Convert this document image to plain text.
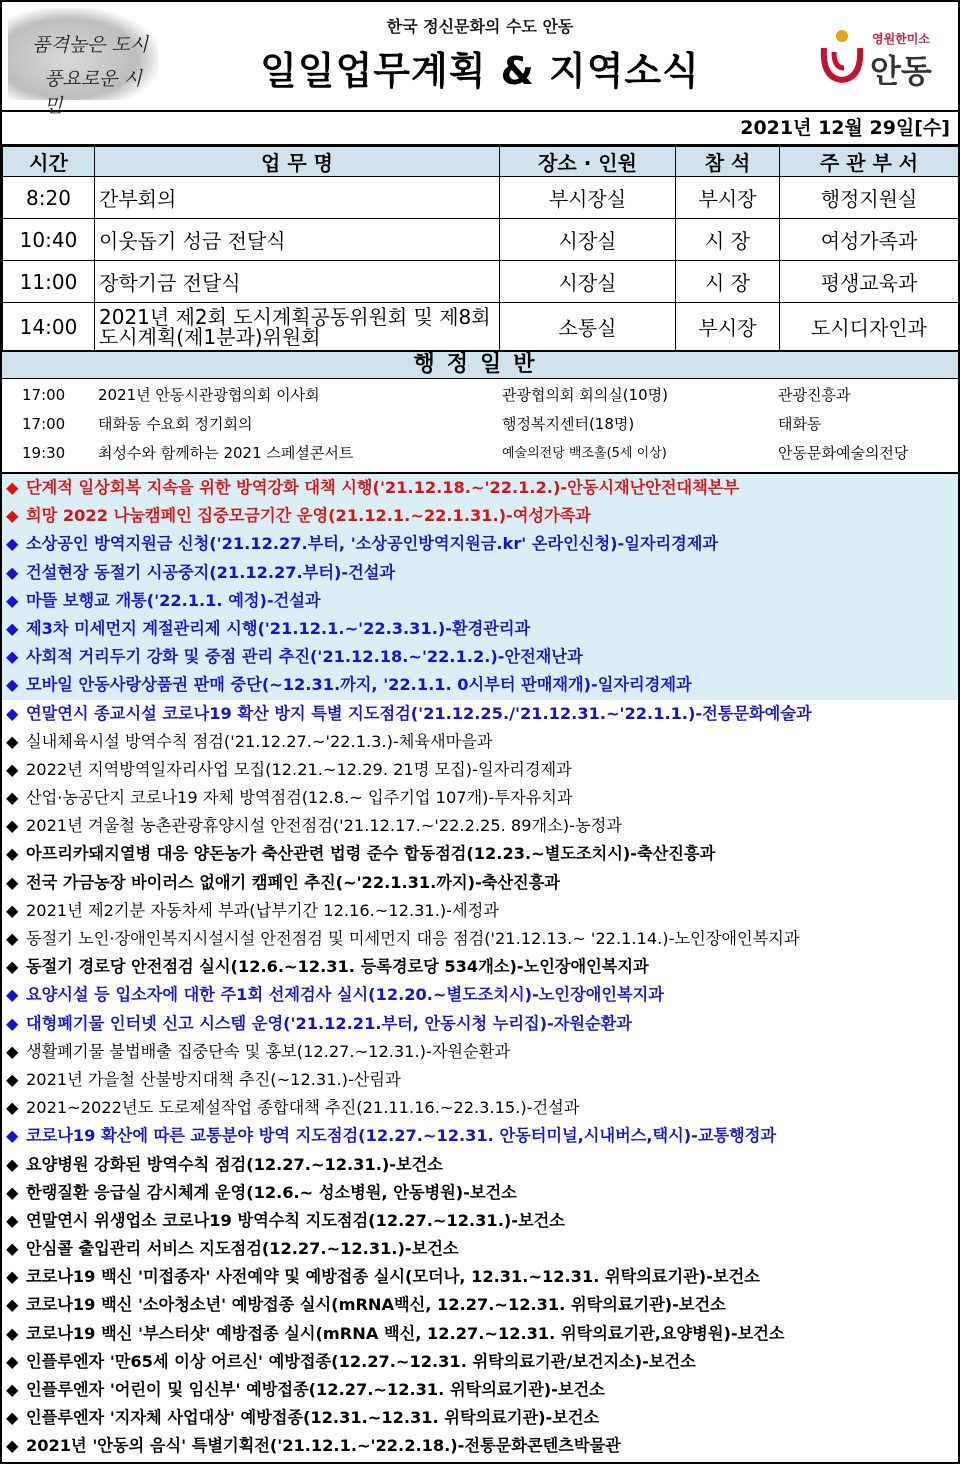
품격높은 도시
풍요로운 시민
한국 정신문화의 수도 안동
일일업무계획 & 지역소식
영원한미소
안동
2021년 12월 29일[수]
시간	업 무 명	장소 · 인원	참 석	주 관 부 서
8:20	간부회의	부시장실	부시장	행정지원실
10:40	이웃돕기 성금 전달식	시장실	시 장	여성가족과
11:00	장학기금 전달식	시장실	시 장	평생교육과
14:00	2021년 제2회 도시계획공동위원회 및 제8회 도시계획(제1분과)위원회	소통실	부시장	도시디자인과
행정일반
17:00 2021년 안동시관광협의회 이사회	관광협의회 회의실(10명)	관광진흥과
17:00 태화동 수요회 정기회의	행정복지센터(18명)	태화동
19:30 최성수와 함께하는 2021 스페셜콘서트	예술의전당 백조홀(5세 이상)	안동문화예술의전당
◆ 단계적 일상회복 지속을 위한 방역강화 대책 시행('21.12.18.~'22.1.2.)-안동시재난안전대책본부
◆ 희망 2022 나눔캠페인 집중모금기간 운영(21.12.1.~22.1.31.)-여성가족과
◆ 소상공인 방역지원금 신청('21.12.27.부터, '소상공인방역지원금.kr' 온라인신청)-일자리경제과
◆ 건설현장 동절기 시공중지(21.12.27.부터)-건설과
◆ 마뜰 보행교 개통('22.1.1. 예정)-건설과
◆ 제3차 미세먼지 계절관리제 시행('21.12.1.~'22.3.31.)-환경관리과
◆ 사회적 거리두기 강화 및 중점 관리 추진('21.12.18.~'22.1.2.)-안전재난과
◆ 모바일 안동사랑상품권 판매 중단(~12.31.까지, '22.1.1. 0시부터 판매재개)-일자리경제과
◆ 연말연시 종교시설 코로나19 확산 방지 특별 지도점검('21.12.25./'21.12.31.~'22.1.1.)-전통문화예술과
◆ 실내체육시설 방역수칙 점검('21.12.27.~'22.1.3.)-체육새마을과
◆ 2022년 지역방역일자리사업 모집(12.21.~12.29. 21명 모집)-일자리경제과
◆ 산업·농공단지 코로나19 자체 방역점검(12.8.~ 입주기업 107개)-투자유치과
◆ 2021년 겨울철 농촌관광휴양시설 안전점검('21.12.17.~'22.2.25. 89개소)-농정과
◆ 아프리카돼지열병 대응 양돈농가 축산관련 법령 준수 합동점검(12.23.~별도조치시)-축산진흥과
◆ 전국 가금농장 바이러스 없애기 캠페인 추진(~'22.1.31.까지)-축산진흥과
◆ 2021년 제2기분 자동차세 부과(납부기간 12.16.~12.31.)-세정과
◆ 동절기 노인·장애인복지시설시설 안전점검 및 미세먼지 대응 점검('21.12.13.~ '22.1.14.)-노인장애인복지과
◆ 동절기 경로당 안전점검 실시(12.6.~12.31. 등록경로당 534개소)-노인장애인복지과
◆ 요양시설 등 입소자에 대한 주1회 선제검사 실시(12.20.~별도조치시)-노인장애인복지과
◆ 대형폐기물 인터넷 신고 시스템 운영('21.12.21.부터, 안동시청 누리집)-자원순환과
◆ 생활폐기물 불법배출 집중단속 및 홍보(12.27.~12.31.)-자원순환과
◆ 2021년 가을철 산불방지대책 추진(~12.31.)-산림과
◆ 2021~2022년도 도로제설작업 종합대책 추진(21.11.16.~22.3.15.)-건설과
◆ 코로나19 확산에 따른 교통분야 방역 지도점검(12.27.~12.31. 안동터미널,시내버스,택시)-교통행정과
◆ 요양병원 강화된 방역수칙 점검(12.27.~12.31.)-보건소
◆ 한랭질환 응급실 감시체계 운영(12.6.~ 성소병원, 안동병원)-보건소
◆ 연말연시 위생업소 코로나19 방역수칙 지도점검(12.27.~12.31.)-보건소
◆ 안심콜 출입관리 서비스 지도점검(12.27.~12.31.)-보건소
◆ 코로나19 백신 '미접종자' 사전예약 및 예방접종 실시(모더나, 12.31.~12.31. 위탁의료기관)-보건소
◆ 코로나19 백신 '소아청소년' 예방접종 실시(mRNA백신, 12.27.~12.31. 위탁의료기관)-보건소
◆ 코로나19 백신 '부스터샷' 예방접종 실시(mRNA 백신, 12.27.~12.31. 위탁의료기관,요양병원)-보건소
◆ 인플루엔자 '만65세 이상 어르신' 예방접종(12.27.~12.31. 위탁의료기관/보건지소)-보건소
◆ 인플루엔자 '어린이 및 임신부' 예방접종(12.27.~12.31. 위탁의료기관)-보건소
◆ 인플루엔자 '지자체 사업대상' 예방접종(12.31.~12.31. 위탁의료기관)-보건소
◆ 2021년 '안동의 음식' 특별기획전('21.12.1.~'22.2.18.)-전통문화콘텐츠박물관
